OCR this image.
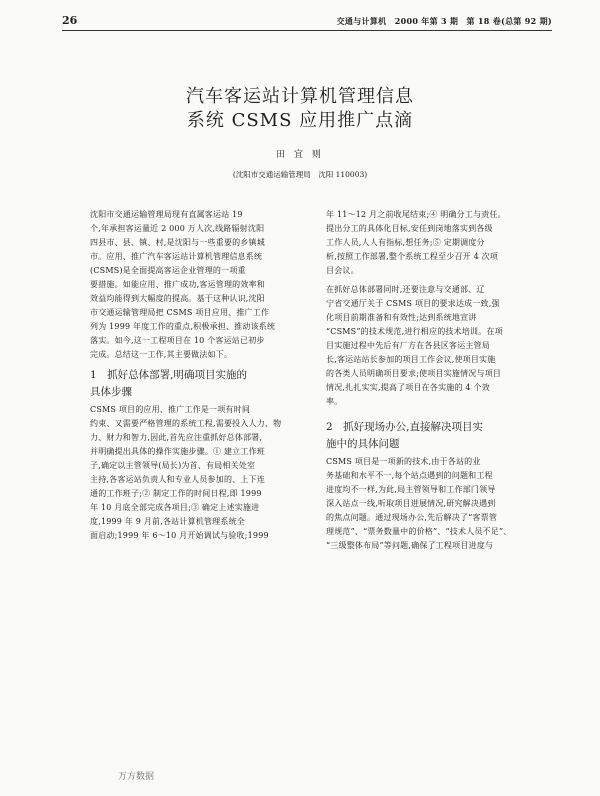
26	交通与计算机　2000 年第 3 期　第 18 卷(总第 92 期)
汽车客运站计算机管理信息
系统 CSMS 应用推广点滴
田 宜 则
(沈阳市交通运输管理局　沈阳 110003)
沈阳市交通运输管理局现有直属客运站 19
个,年承担客运量近 2 000 万人次,线路辐射沈阳
四县市、县、镇、村,是沈阳与一些重要的乡镇城
市。应用、推广汽车客运站计算机管理信息系统
(CSMS)是全面提高客运企业管理的一项重
要措施。如能应用、推广成功,客运管理的效率和
效益均能得到大幅度的提高。基于这种认识,沈阳
市交通运输管理局把 CSMS 项目应用、推广工作
列为 1999 年度工作的重点,积极承担、推动该系统
落实。如今,这一工程项目在 10 个客运站已初步
完成。总结这一工作,其主要做法如下。
1　抓好总体部署,明确项目实施的
具体步骤
CSMS 项目的应用、推广工作是一项有时间
约束、又需要严格管理的系统工程,需要投入人力、物
力、财力和智力,因此,首先应注重抓好总体部署,
并明确提出具体的操作实施步骤。① 建立工作班
子,确定以主管领导(局长)为首、有局相关处室
主持,各客运站负责人和专业人员参加的、上下连
通的工作班子;② 制定工作的时间日程,即 1999
年 10 月底全部完成各项目;③ 确定上述实施进
度,1999 年 9 月前,各站计算机管理系统全
面启动;1999 年 6～10 月开始调试与验收;1999
年 11～12 月之前收尾结束;④ 明确分工与责任。
提出分工的具体化目标,安任到岗地落实到各级
工作人员,人人有指标,想任务;⑤ 定期调度分
析,按照工作部署,整个系统工程至少召开 4 次项
目会议。
在抓好总体部署同时,还要注意与交通部、辽
宁省交通厅关于 CSMS 项目的要求达成一致,强
化项目前期准备和有效性;达到系统地宣讲
“CSMS”的技术规范,进行相应的技术培训。在项
目实施过程中先后有厂方在各县区客运主管局
长,客运站站长参加的项目工作会议,使项目实施
的各类人员明确项目要求;使项目实施情况与项目
情况,扎扎实实,提高了项目在各实施的 4 个效
率。
2　抓好现场办公,直接解决项目实
施中的具体问题
CSMS 项目是一项新的技术,由于各站的业
务基础和水平不一,每个站点遇到的问题和工程
进度均不一样,为此,局主管领导和工作部门领导
深入站点一线,听取项目进展情况,研究解决遇到
的焦点问题。通过现场办公,先后解决了“客票管
理规范”、“票务数量中的价格”、“技术人员不足”、
“三级整体布局”等问题,确保了工程项目进度与
万方数据
